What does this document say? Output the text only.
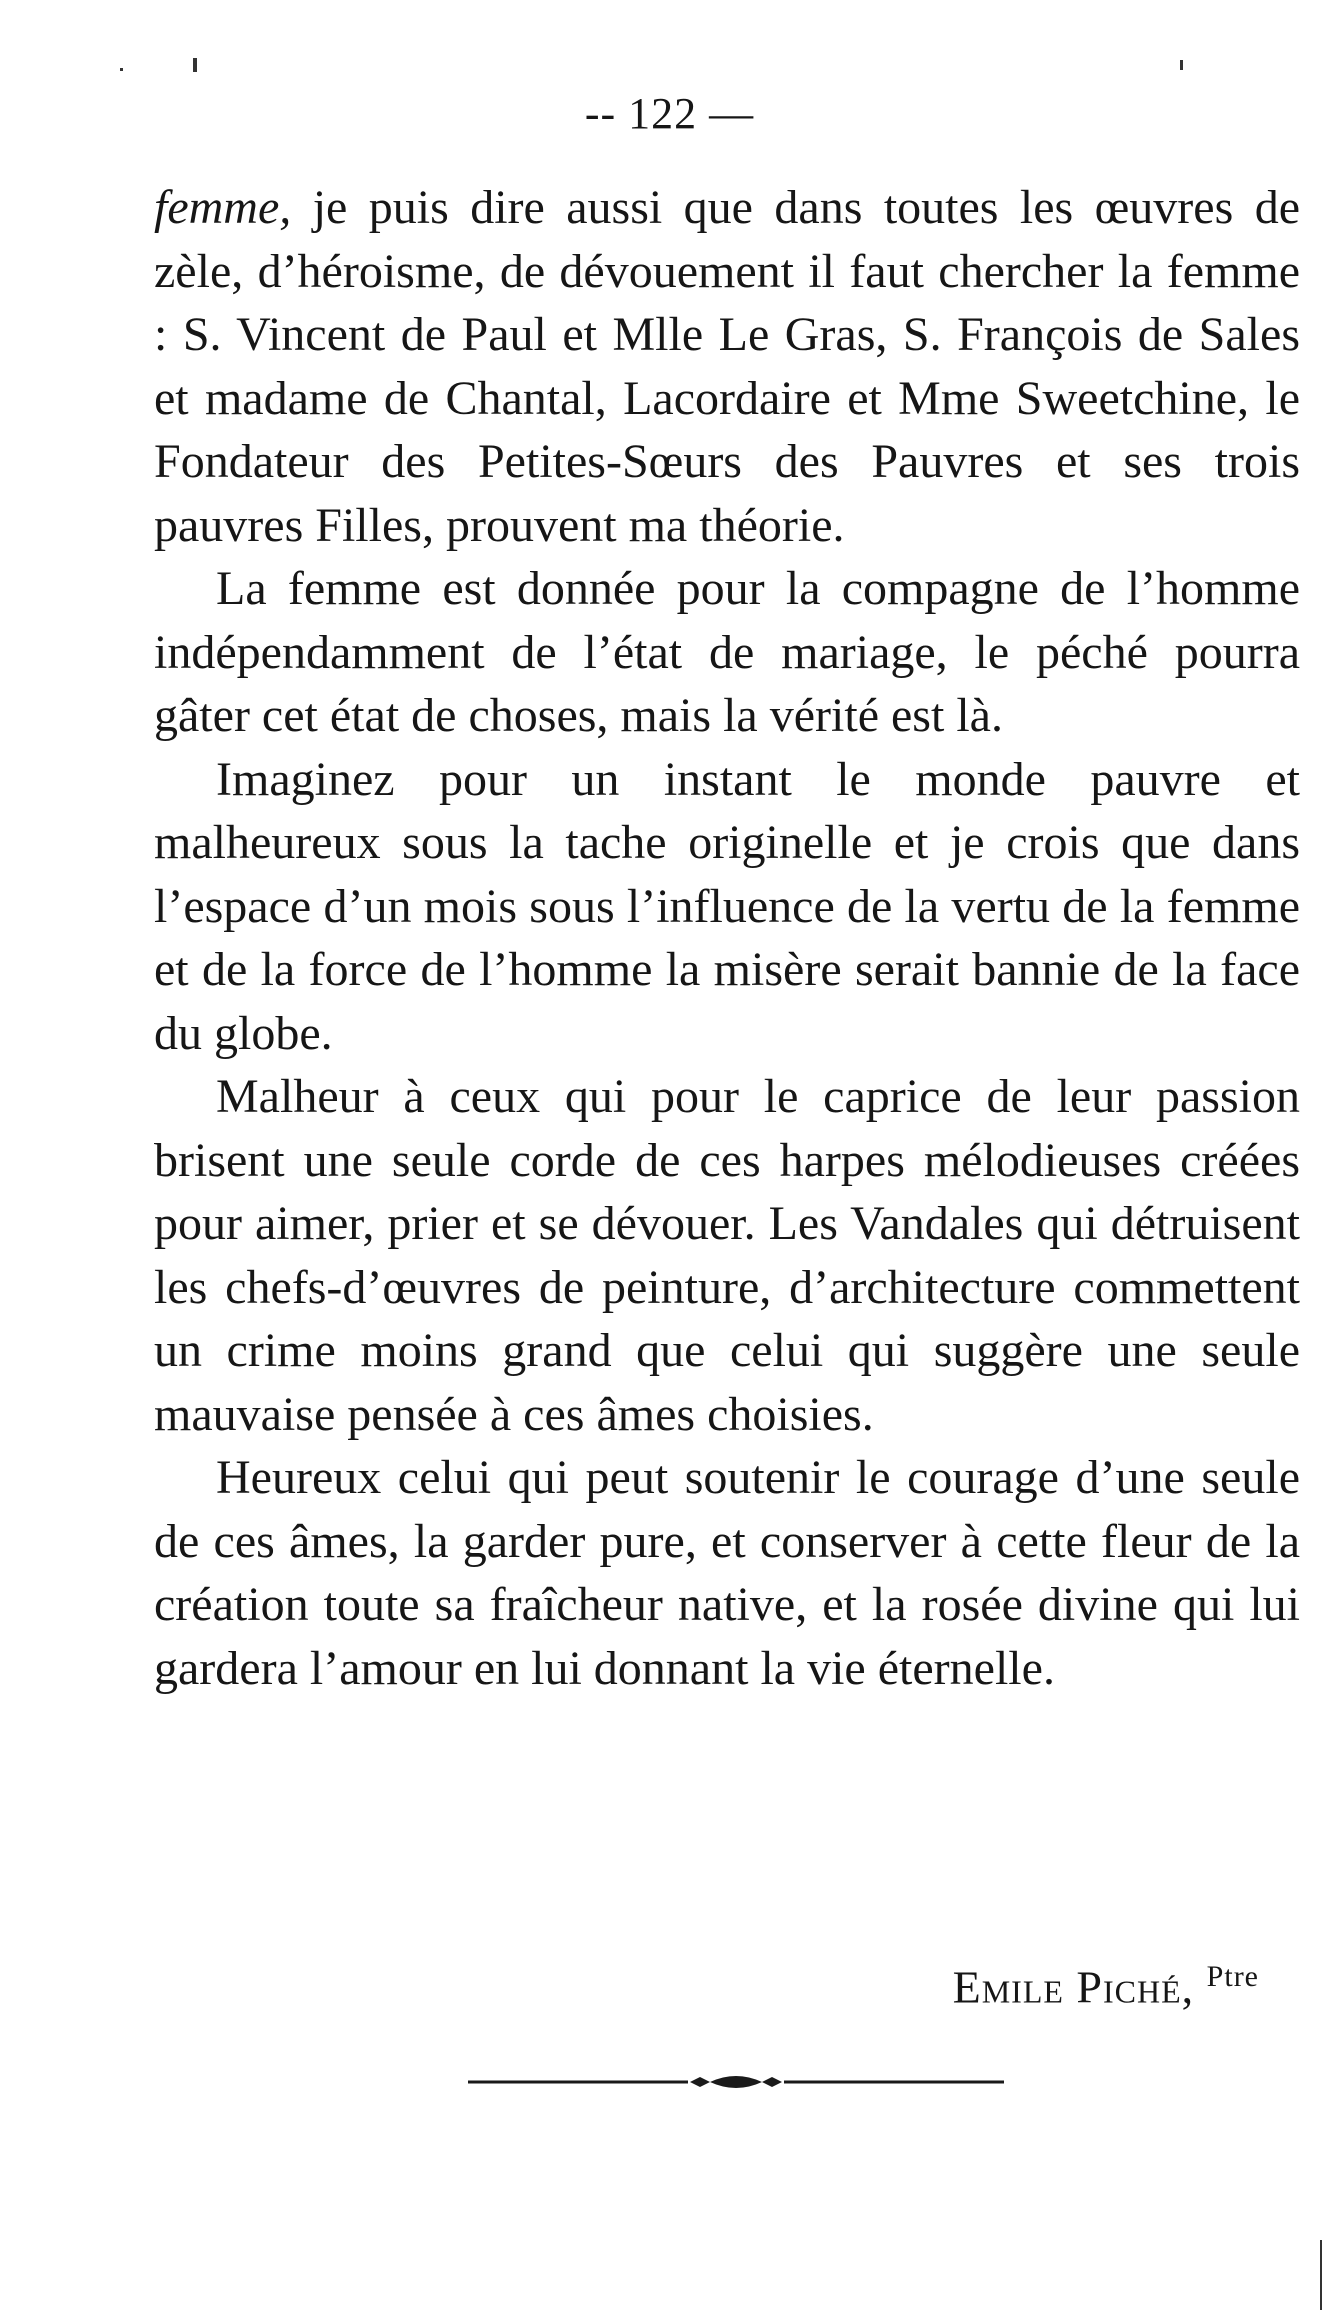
-- 122 —

femme, je puis dire aussi que dans toutes les œuvres de zèle, d’héroisme, de dévouement il faut chercher la femme : S. Vincent de Paul et Mlle Le Gras, S. François de Sales et madame de Chantal, Lacordaire et Mme Sweetchine, le Fondateur des Petites-Sœurs des Pauvres et ses trois pauvres Filles, prouvent ma théorie.

La femme est donnée pour la compagne de l’homme indépendamment de l’état de mariage, le péché pourra gâter cet état de choses, mais la vérité est là.

Imaginez pour un instant le monde pauvre et malheureux sous la tache originelle et je crois que dans l’espace d’un mois sous l’influence de la vertu de la femme et de la force de l’homme la misère serait bannie de la face du globe.

Malheur à ceux qui pour le caprice de leur passion brisent une seule corde de ces harpes mélodieuses créées pour aimer, prier et se dévouer. Les Vandales qui détruisent les chefs-d’œuvres de peinture, d’architecture commettent un crime moins grand que celui qui suggère une seule mauvaise pensée à ces âmes choisies.

Heureux celui qui peut soutenir le courage d’une seule de ces âmes, la garder pure, et conserver à cette fleur de la création toute sa fraîcheur native, et la rosée divine qui lui gardera l’amour en lui donnant la vie éternelle.

Emile Piché, $^{Ptre}$
